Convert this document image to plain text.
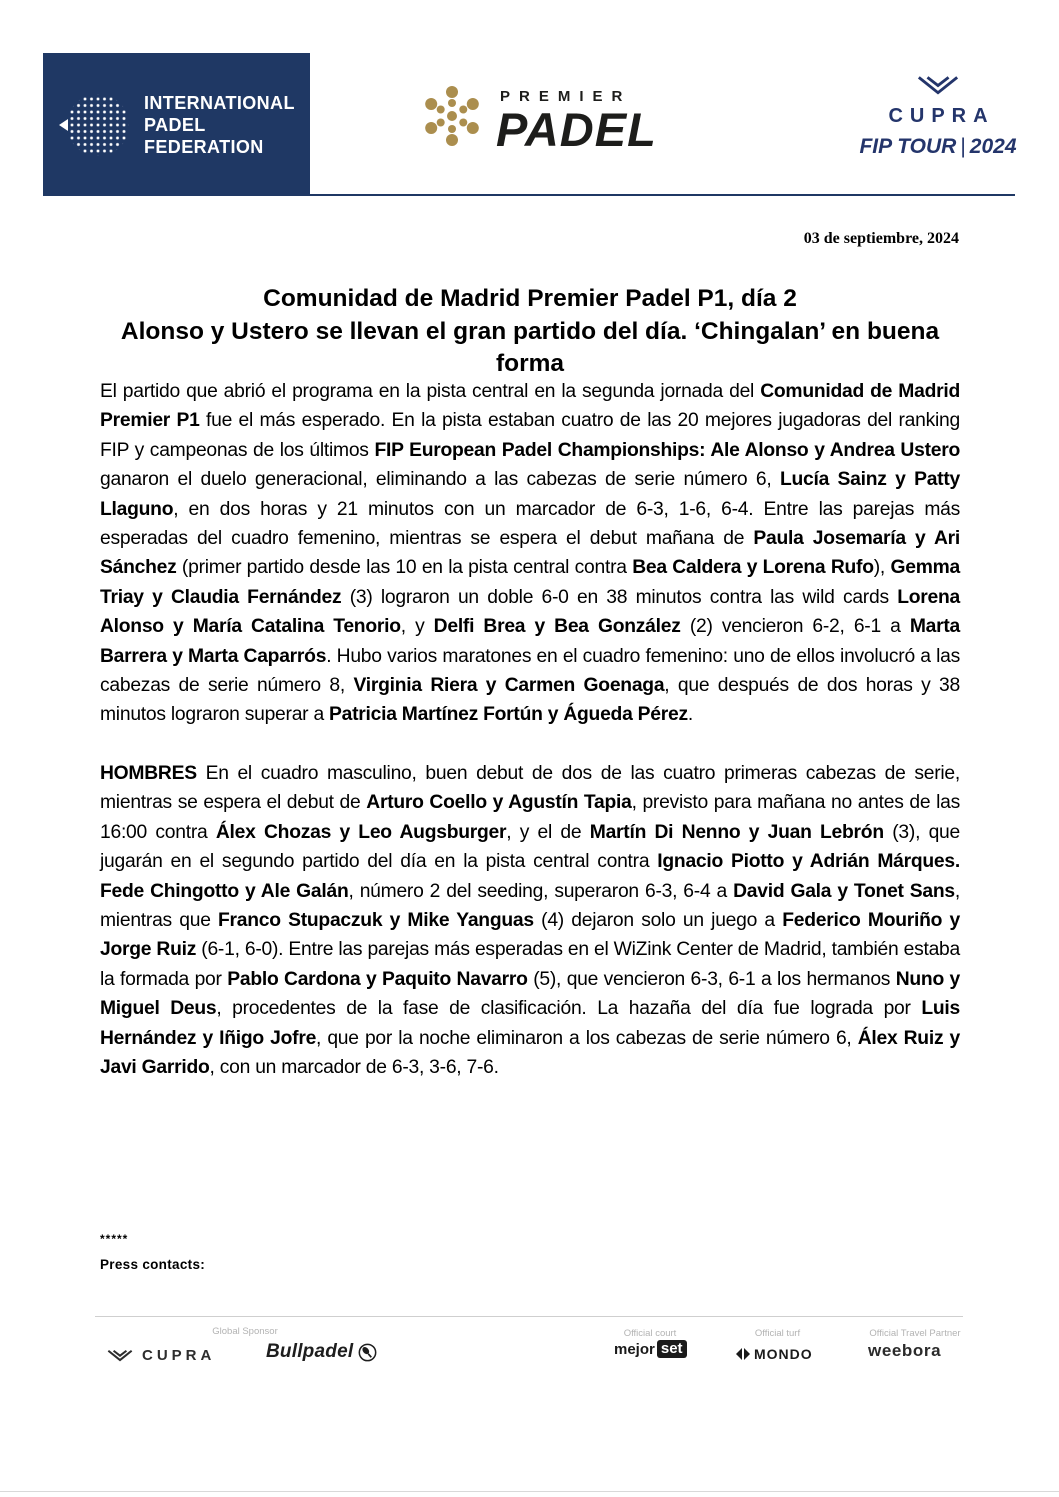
INTERNATIONAL
PADEL
FEDERATION
PREMIER
PADEL	CUPRA
FIP TOUR | 2024
03 de septiembre, 2024
Comunidad de Madrid Premier Padel P1, día 2
Alonso y Ustero se llevan el gran partido del día. ‘Chingalan’ en buena forma

El partido que abrió el programa en la pista central en la segunda jornada del Comunidad de Madrid Premier P1 fue el más esperado. En la pista estaban cuatro de las 20 mejores jugadoras del ranking FIP y campeonas de los últimos FIP European Padel Championships: Ale Alonso y Andrea Ustero ganaron el duelo generacional, eliminando a las cabezas de serie número 6, Lucía Sainz y Patty Llaguno, en dos horas y 21 minutos con un marcador de 6-3, 1-6, 6-4. Entre las parejas más esperadas del cuadro femenino, mientras se espera el debut mañana de Paula Josemaría y Ari Sánchez (primer partido desde las 10 en la pista central contra Bea Caldera y Lorena Rufo), Gemma Triay y Claudia Fernández (3) lograron un doble 6-0 en 38 minutos contra las wild cards Lorena Alonso y María Catalina Tenorio, y Delfi Brea y Bea González (2) vencieron 6-2, 6-1 a Marta Barrera y Marta Caparrós. Hubo varios maratones en el cuadro femenino: uno de ellos involucró a las cabezas de serie número 8, Virginia Riera y Carmen Goenaga, que después de dos horas y 38 minutos lograron superar a Patricia Martínez Fortún y Águeda Pérez.

HOMBRES En el cuadro masculino, buen debut de dos de las cuatro primeras cabezas de serie, mientras se espera el debut de Arturo Coello y Agustín Tapia, previsto para mañana no antes de las 16:00 contra Álex Chozas y Leo Augsburger, y el de Martín Di Nenno y Juan Lebrón (3), que jugarán en el segundo partido del día en la pista central contra Ignacio Piotto y Adrián Márques. Fede Chingotto y Ale Galán, número 2 del seeding, superaron 6-3, 6-4 a David Gala y Tonet Sans, mientras que Franco Stupaczuk y Mike Yanguas (4) dejaron solo un juego a Federico Mouriño y Jorge Ruiz (6-1, 6-0). Entre las parejas más esperadas en el WiZink Center de Madrid, también estaba la formada por Pablo Cardona y Paquito Navarro (5), que vencieron 6-3, 6-1 a los hermanos Nuno y Miguel Deus, procedentes de la fase de clasificación. La hazaña del día fue lograda por Luis Hernández y Iñigo Jofre, que por la noche eliminaron a los cabezas de serie número 6, Álex Ruiz y Javi Garrido, con un marcador de 6-3, 3-6, 7-6.

*****
Press contacts:
Global Sponsor	Official court	Official turf	Official Travel Partner
CUPRA	Bullpadel	mejor set	MONDO	weebora
